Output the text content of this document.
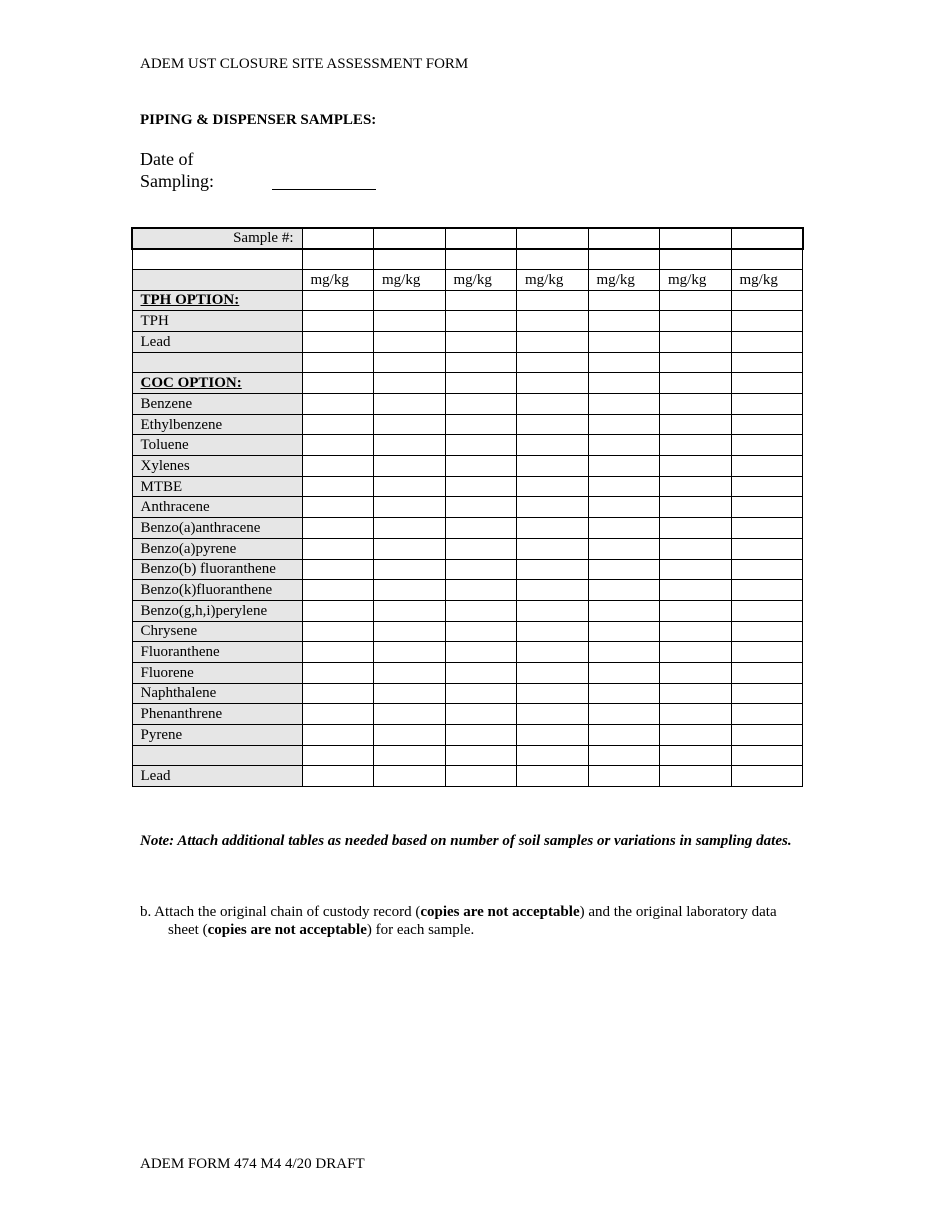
ADEM UST CLOSURE SITE ASSESSMENT FORM
PIPING & DISPENSER SAMPLES:
Date of
Sampling:
Sample #:							

	mg/kg	mg/kg	mg/kg	mg/kg	mg/kg	mg/kg	mg/kg
TPH OPTION:							
TPH							
Lead							

COC OPTION:							
Benzene							
Ethylbenzene							
Toluene							
Xylenes							
MTBE							
Anthracene							
Benzo(a)anthracene							
Benzo(a)pyrene							
Benzo(b) fluoranthene							
Benzo(k)fluoranthene							
Benzo(g,h,i)perylene							
Chrysene							
Fluoranthene							
Fluorene							
Naphthalene							
Phenanthrene							
Pyrene							

Lead							
Note: Attach additional tables as needed based on number of soil samples or variations in sampling dates.
b. Attach the original chain of custody record (copies are not acceptable) and the original laboratory data sheet (copies are not acceptable) for each sample.
ADEM FORM 474 M4 4/20 DRAFT
